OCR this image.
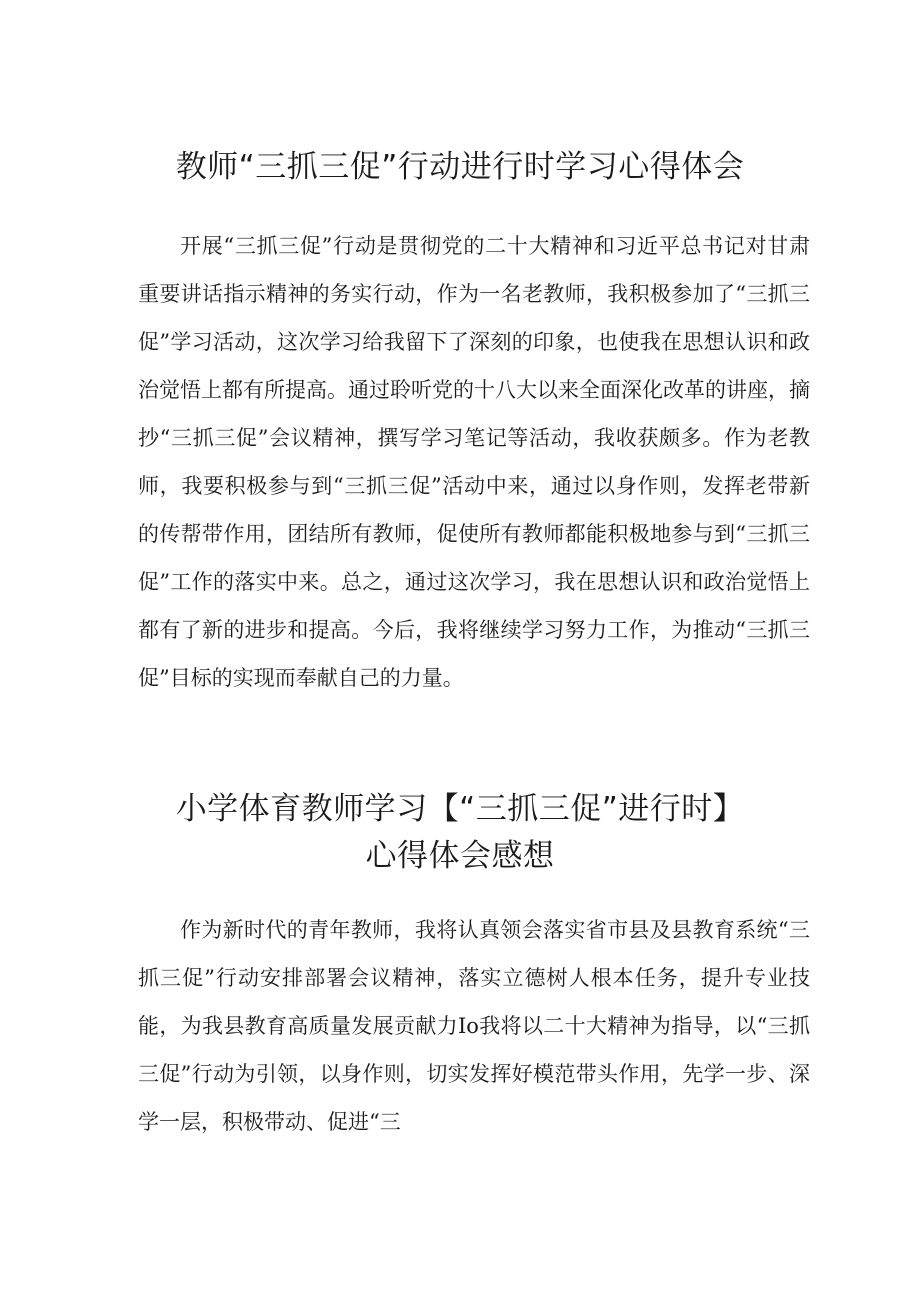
教师“三抓三促”行动进行时学习心得体会

开展“三抓三促”行动是贯彻党的二十大精神和习近平总书记对甘肃重要讲话指示精神的务实行动，作为一名老教师，我积极参加了“三抓三促”学习活动，这次学习给我留下了深刻的印象，也使我在思想认识和政治觉悟上都有所提高。通过聆听党的十八大以来全面深化改革的讲座，摘抄“三抓三促”会议精神，撰写学习笔记等活动，我收获颇多。作为老教师，我要积极参与到“三抓三促”活动中来，通过以身作则，发挥老带新的传帮带作用，团结所有教师，促使所有教师都能积极地参与到“三抓三促”工作的落实中来。总之，通过这次学习，我在思想认识和政治觉悟上都有了新的进步和提高。今后，我将继续学习努力工作，为推动“三抓三促”目标的实现而奉献自己的力量。

小学体育教师学习【“三抓三促”进行时】
心得体会感想

作为新时代的青年教师，我将认真领会落实省市县及县教育系统“三抓三促”行动安排部署会议精神，落实立德树人根本任务，提升专业技能，为我县教育高质量发展贡献力Io我将以二十大精神为指导，以“三抓三促”行动为引领，以身作则，切实发挥好模范带头作用，先学一步、深学一层，积极带动、促进“三
